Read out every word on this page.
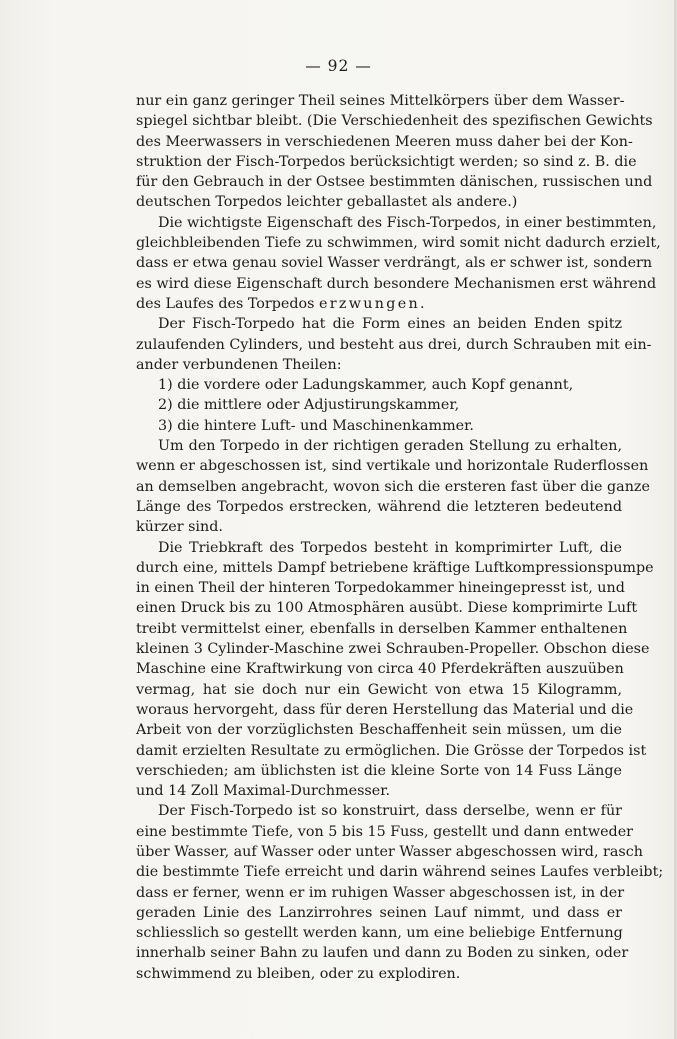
— 92 —
nur ein ganz geringer Theil seines Mittelkörpers über dem Wasser-
spiegel sichtbar bleibt. (Die Verschiedenheit des spezifischen Gewichts
des Meerwassers in verschiedenen Meeren muss daher bei der Kon-
struktion der Fisch-Torpedos berücksichtigt werden; so sind z. B. die
für den Gebrauch in der Ostsee bestimmten dänischen, russischen und
deutschen Torpedos leichter geballastet als andere.)
Die wichtigste Eigenschaft des Fisch-Torpedos, in einer bestimmten,
gleichbleibenden Tiefe zu schwimmen, wird somit nicht dadurch erzielt,
dass er etwa genau soviel Wasser verdrängt, als er schwer ist, sondern
es wird diese Eigenschaft durch besondere Mechanismen erst während
des Laufes des Torpedos erzwungen.
Der Fisch-Torpedo hat die Form eines an beiden Enden spitz
zulaufenden Cylinders, und besteht aus drei, durch Schrauben mit ein-
ander verbundenen Theilen:
1) die vordere oder Ladungskammer, auch Kopf genannt,
2) die mittlere oder Adjustirungskammer,
3) die hintere Luft- und Maschinenkammer.
Um den Torpedo in der richtigen geraden Stellung zu erhalten,
wenn er abgeschossen ist, sind vertikale und horizontale Ruderflossen
an demselben angebracht, wovon sich die ersteren fast über die ganze
Länge des Torpedos erstrecken, während die letzteren bedeutend
kürzer sind.
Die Triebkraft des Torpedos besteht in komprimirter Luft, die
durch eine, mittels Dampf betriebene kräftige Luftkompressionspumpe
in einen Theil der hinteren Torpedokammer hineingepresst ist, und
einen Druck bis zu 100 Atmosphären ausübt. Diese komprimirte Luft
treibt vermittelst einer, ebenfalls in derselben Kammer enthaltenen
kleinen 3 Cylinder-Maschine zwei Schrauben-Propeller. Obschon diese
Maschine eine Kraftwirkung von circa 40 Pferdekräften auszuüben
vermag, hat sie doch nur ein Gewicht von etwa 15 Kilogramm,
woraus hervorgeht, dass für deren Herstellung das Material und die
Arbeit von der vorzüglichsten Beschaffenheit sein müssen, um die
damit erzielten Resultate zu ermöglichen. Die Grösse der Torpedos ist
verschieden; am üblichsten ist die kleine Sorte von 14 Fuss Länge
und 14 Zoll Maximal-Durchmesser.
Der Fisch-Torpedo ist so konstruirt, dass derselbe, wenn er für
eine bestimmte Tiefe, von 5 bis 15 Fuss, gestellt und dann entweder
über Wasser, auf Wasser oder unter Wasser abgeschossen wird, rasch
die bestimmte Tiefe erreicht und darin während seines Laufes verbleibt;
dass er ferner, wenn er im ruhigen Wasser abgeschossen ist, in der
geraden Linie des Lanzirrohres seinen Lauf nimmt, und dass er
schliesslich so gestellt werden kann, um eine beliebige Entfernung
innerhalb seiner Bahn zu laufen und dann zu Boden zu sinken, oder
schwimmend zu bleiben, oder zu explodiren.
